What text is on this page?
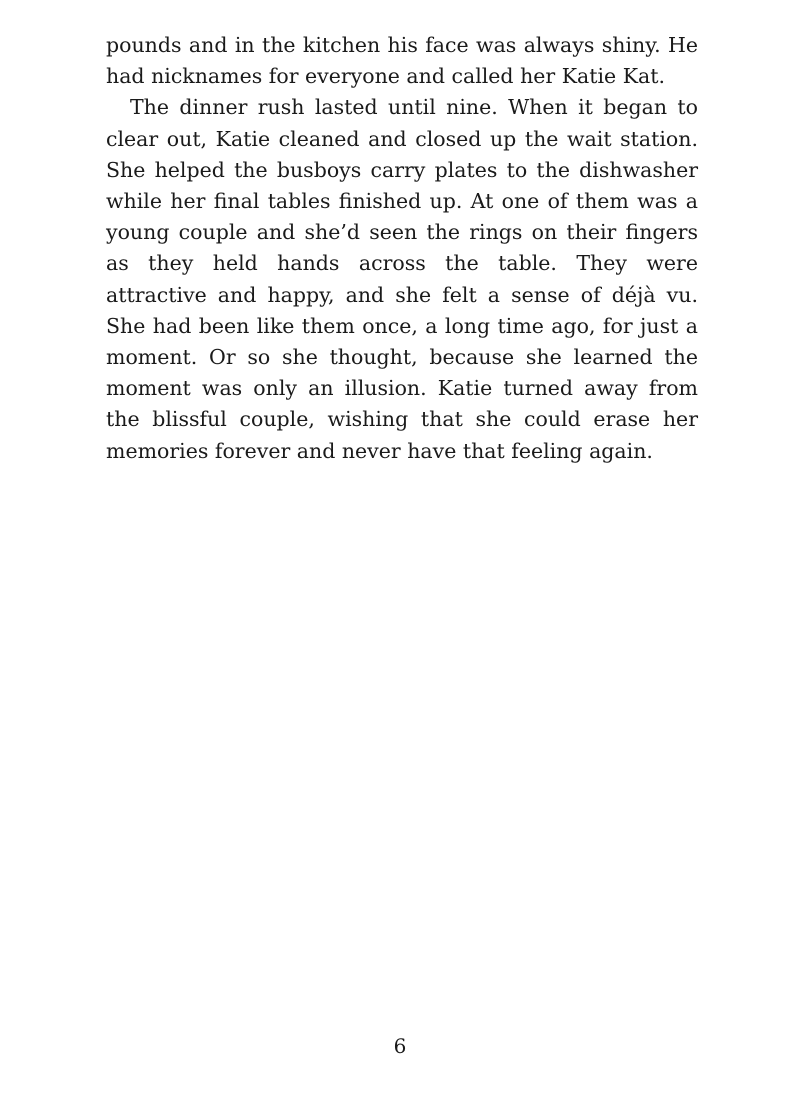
pounds and in the kitchen his face was always shiny. He had nicknames for everyone and called her Katie Kat.

The dinner rush lasted until nine. When it began to clear out, Katie cleaned and closed up the wait station. She helped the busboys carry plates to the dishwasher while her final tables finished up. At one of them was a young couple and she’d seen the rings on their fingers as they held hands across the table. They were attractive and happy, and she felt a sense of déjà vu. She had been like them once, a long time ago, for just a moment. Or so she thought, because she learned the moment was only an illusion. Katie turned away from the blissful couple, wishing that she could erase her memories forever and never have that feeling again.

6
